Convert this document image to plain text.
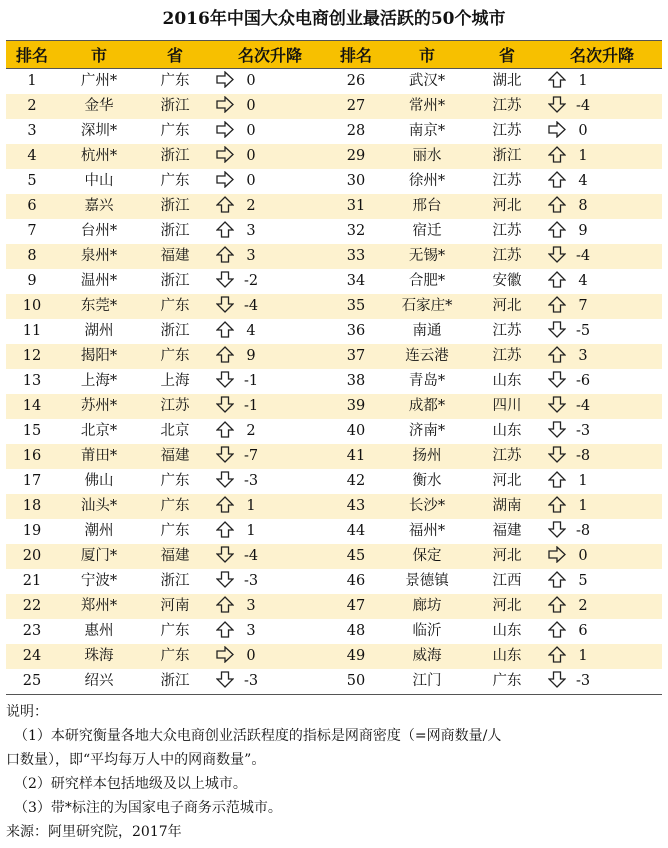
2016年中国大众电商创业最活跃的50个城市
排名	市	省	名次升降	排名	市	省	名次升降
1	广州*	广东	0	26	武汉*	湖北	1
2	金华	浙江	0	27	常州*	江苏	-4
3	深圳*	广东	0	28	南京*	江苏	0
4	杭州*	浙江	0	29	丽水	浙江	1
5	中山	广东	0	30	徐州*	江苏	4
6	嘉兴	浙江	2	31	邢台	河北	8
7	台州*	浙江	3	32	宿迁	江苏	9
8	泉州*	福建	3	33	无锡*	江苏	-4
9	温州*	浙江	-2	34	合肥*	安徽	4
10	东莞*	广东	-4	35	石家庄*	河北	7
11	湖州	浙江	4	36	南通	江苏	-5
12	揭阳*	广东	9	37	连云港	江苏	3
13	上海*	上海	-1	38	青岛*	山东	-6
14	苏州*	江苏	-1	39	成都*	四川	-4
15	北京*	北京	2	40	济南*	山东	-3
16	莆田*	福建	-7	41	扬州	江苏	-8
17	佛山	广东	-3	42	衡水	河北	1
18	汕头*	广东	1	43	长沙*	湖南	1
19	潮州	广东	1	44	福州*	福建	-8
20	厦门*	福建	-4	45	保定	河北	0
21	宁波*	浙江	-3	46	景德镇	江西	5
22	郑州*	河南	3	47	廊坊	河北	2
23	惠州	广东	3	48	临沂	山东	6
24	珠海	广东	0	49	威海	山东	1
25	绍兴	浙江	-3	50	江门	广东	-3
说明：
（1）本研究衡量各地大众电商创业活跃程度的指标是网商密度（=网商数量/人
口数量），即“平均每万人中的网商数量”。
（2）研究样本包括地级及以上城市。
（3）带*标注的为国家电子商务示范城市。
来源：阿里研究院，2017年
